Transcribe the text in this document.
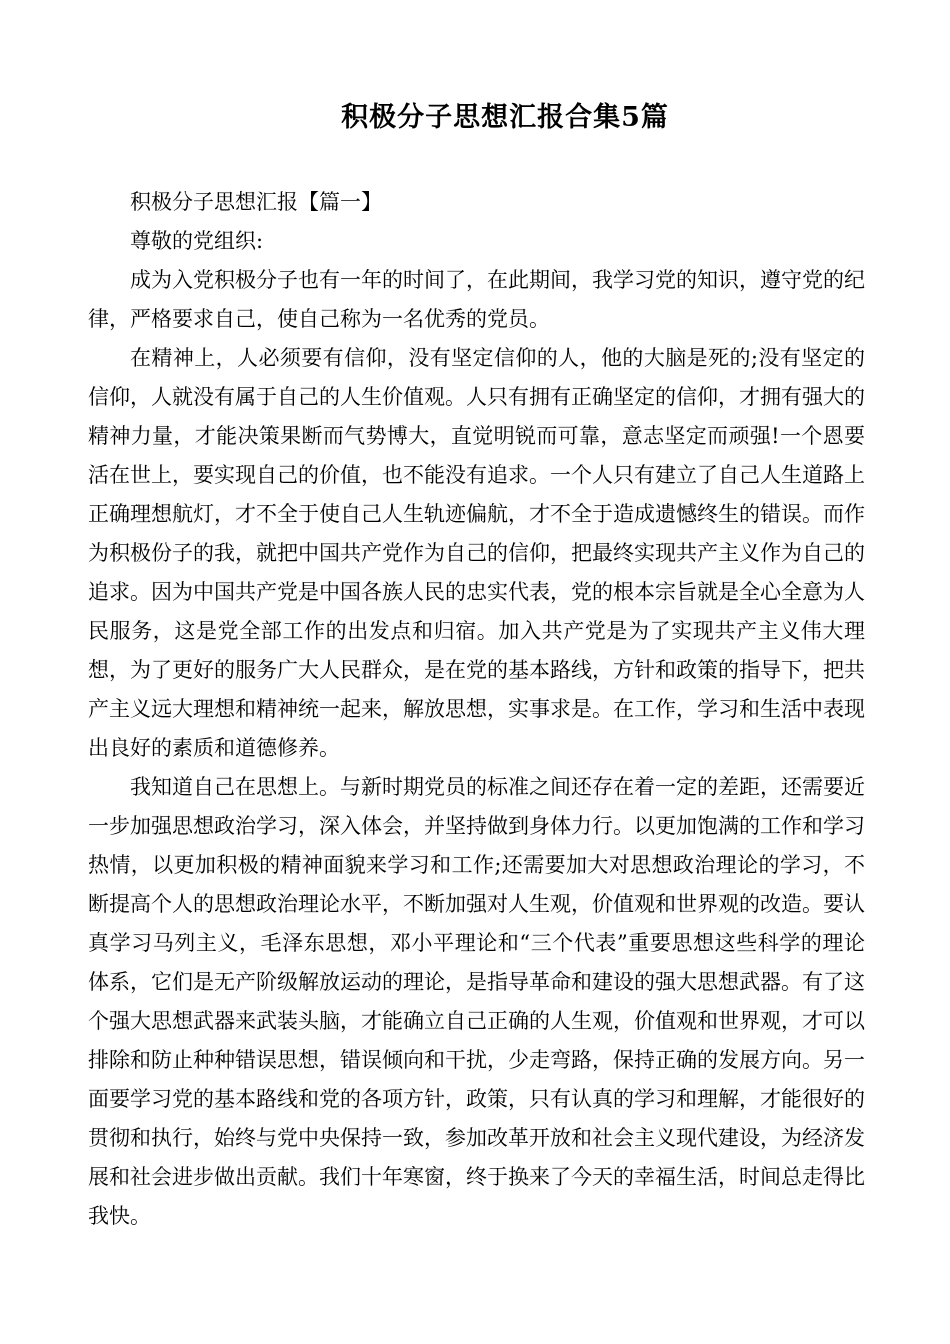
积极分子思想汇报合集5篇

积极分子思想汇报【篇一】

尊敬的党组织:

成为入党积极分子也有一年的时间了，在此期间，我学习党的知识，遵守党的纪律，严格要求自己，使自己称为一名优秀的党员。

在精神上，人必须要有信仰，没有坚定信仰的人，他的大脑是死的;没有坚定的信仰，人就没有属于自己的人生价值观。人只有拥有正确坚定的信仰，才拥有强大的精神力量，才能决策果断而气势博大，直觉明锐而可靠，意志坚定而顽强!一个恩要活在世上，要实现自己的价值，也不能没有追求。一个人只有建立了自己人生道路上正确理想航灯，才不全于使自己人生轨迹偏航，才不全于造成遗憾终生的错误。而作为积极份子的我，就把中国共产党作为自己的信仰，把最终实现共产主义作为自己的追求。因为中国共产党是中国各族人民的忠实代表，党的根本宗旨就是全心全意为人民服务，这是党全部工作的出发点和归宿。加入共产党是为了实现共产主义伟大理想，为了更好的服务广大人民群众，是在党的基本路线，方针和政策的指导下，把共产主义远大理想和精神统一起来，解放思想，实事求是。在工作，学习和生活中表现出良好的素质和道德修养。

我知道自己在思想上。与新时期党员的标准之间还存在着一定的差距，还需要近一步加强思想政治学习，深入体会，并坚持做到身体力行。以更加饱满的工作和学习热情，以更加积极的精神面貌来学习和工作;还需要加大对思想政治理论的学习，不断提高个人的思想政治理论水平，不断加强对人生观，价值观和世界观的改造。要认真学习马列主义，毛泽东思想，邓小平理论和“三个代表”重要思想这些科学的理论体系，它们是无产阶级解放运动的理论，是指导革命和建设的强大思想武器。有了这个强大思想武器来武装头脑，才能确立自己正确的人生观，价值观和世界观，才可以排除和防止种种错误思想，错误倾向和干扰，少走弯路，保持正确的发展方向。另一面要学习党的基本路线和党的各项方针，政策，只有认真的学习和理解，才能很好的贯彻和执行，始终与党中央保持一致，参加改革开放和社会主义现代建设，为经济发展和社会进步做出贡献。我们十年寒窗，终于换来了今天的幸福生活，时间总走得比我快。
